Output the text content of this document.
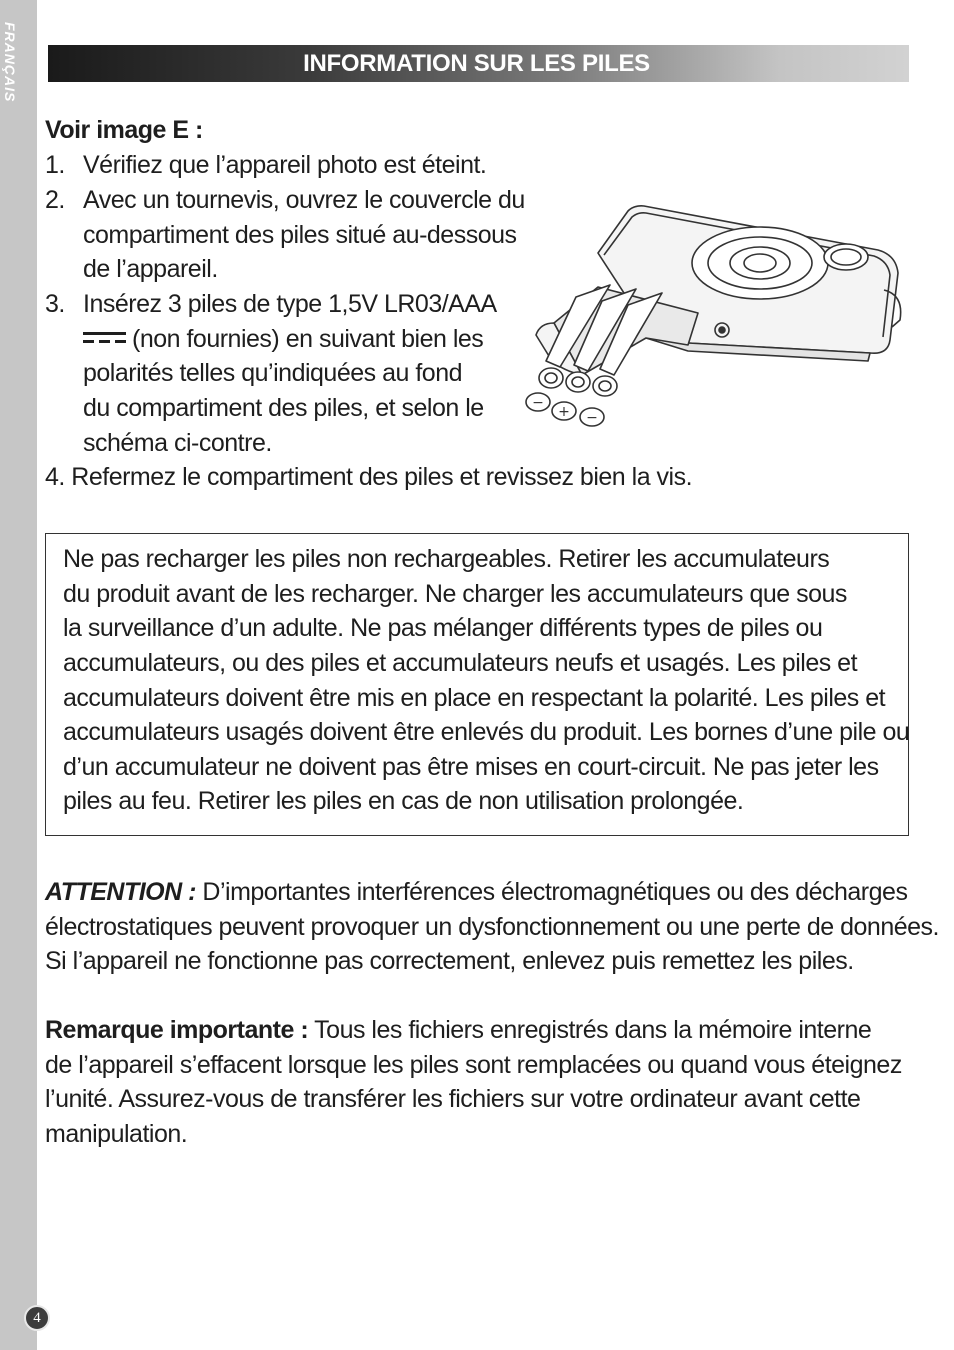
FRANÇAIS
4
INFORMATION SUR LES PILES
Voir image E :
1. Vérifiez que l’appareil photo est éteint.
2. Avec un tournevis, ouvrez le couvercle du
compartiment des piles situé au-dessous
de l’appareil.
3. Insérez 3 piles de type 1,5V LR03/AAA
(non fournies) en suivant bien les
polarités telles qu’indiquées au fond
du compartiment des piles, et selon le
schéma ci-contre.
4. Refermez le compartiment des piles et revissez bien la vis.
−
+ −
Ne pas recharger les piles non rechargeables. Retirer les accumulateurs
du produit avant de les recharger. Ne charger les accumulateurs que sous
la surveillance d’un adulte. Ne pas mélanger différents types de piles ou
accumulateurs, ou des piles et accumulateurs neufs et usagés. Les piles et
accumulateurs doivent être mis en place en respectant la polarité. Les piles et
accumulateurs usagés doivent être enlevés du produit. Les bornes d’une pile ou
d’un accumulateur ne doivent pas être mises en court-circuit. Ne pas jeter les
piles au feu. Retirer les piles en cas de non utilisation prolongée.
ATTENTION : D’importantes interférences électromagnétiques ou des décharges
électrostatiques peuvent provoquer un dysfonctionnement ou une perte de données.
Si l’appareil ne fonctionne pas correctement, enlevez puis remettez les piles.
Remarque importante : Tous les fichiers enregistrés dans la mémoire interne
de l’appareil s’effacent lorsque les piles sont remplacées ou quand vous éteignez
l’unité. Assurez-vous de transférer les fichiers sur votre ordinateur avant cette
manipulation.
